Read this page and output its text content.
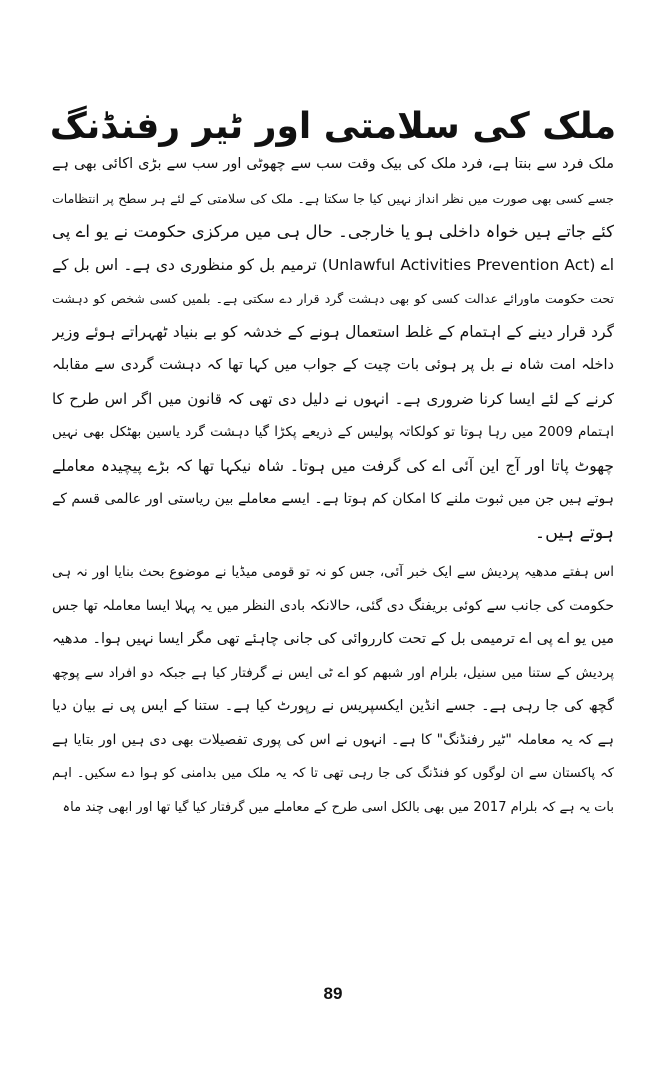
ملک کی سلامتی اور ٹیر رفنڈنگ
ملک فرد سے بنتا ہے، فرد ملک کی بیک وقت سب سے چھوٹی اور سب سے بڑی اکائی بھی ہے
جسے کسی بھی صورت میں نظر انداز نہیں کیا جا سکتا ہے۔ ملک کی سلامتی کے لئے ہر سطح پر انتظامات
کئے جاتے ہیں خواہ داخلی ہو یا خارجی۔ حال ہی میں مرکزی حکومت نے یو اے پی
اے (Unlawful Activities Prevention Act) ترمیم بل کو منظوری دی ہے۔ اس بل کے
تحت حکومت ماورائے عدالت کسی کو بھی دہشت گرد قرار دے سکتی ہے۔ بلمیں کسی شخص کو دہشت
گرد قرار دینے کے اہتمام کے غلط استعمال ہونے کے خدشہ کو بے بنیاد ٹھہراتے ہوئے وزیر
داخلہ امت شاہ نے بل پر ہوئی بات چیت کے جواب میں کہا تھا کہ دہشت گردی سے مقابلہ
کرنے کے لئے ایسا کرنا ضروری ہے۔ انہوں نے دلیل دی تھی کہ قانون میں اگر اس طرح کا
اہتمام 2009 میں رہا ہوتا تو کولکاتہ پولیس کے ذریعے پکڑا گیا دہشت گرد یاسین بھٹکل بھی نہیں
چھوٹ پاتا اور آج این آئی اے کی گرفت میں ہوتا۔ شاہ نیکہا تھا کہ بڑے پیچیدہ معاملے
ہوتے ہیں جن میں ثبوت ملنے کا امکان کم ہوتا ہے۔ ایسے معاملے بین ریاستی اور عالمی قسم کے
ہوتے ہیں۔
اس ہفتے مدھیہ پردیش سے ایک خبر آئی، جس کو نہ تو قومی میڈیا نے موضوع بحث بنایا اور نہ ہی
حکومت کی جانب سے کوئی بریفنگ دی گئی، حالانکہ بادی النظر میں یہ پہلا ایسا معاملہ تھا جس
میں یو اے پی اے ترمیمی بل کے تحت کارروائی کی جانی چاہئے تھی مگر ایسا نہیں ہوا۔ مدھیہ
پردیش کے ستنا میں سنیل، بلرام اور شبھم کو اے ٹی ایس نے گرفتار کیا ہے جبکہ دو افراد سے پوچھ
گچھ کی جا رہی ہے۔ جسے انڈین ایکسپریس نے رپورٹ کیا ہے۔ ستنا کے ایس پی نے بیان دیا
ہے کہ یہ معاملہ "ٹیر رفنڈنگ" کا ہے۔ انہوں نے اس کی پوری تفصیلات بھی دی ہیں اور بتایا ہے
کہ پاکستان سے ان لوگوں کو فنڈنگ کی جا رہی تھی تا کہ یہ ملک میں بدامنی کو ہوا دے سکیں۔ اہم
بات یہ ہے کہ بلرام 2017 میں بھی بالکل اسی طرح کے معاملے میں گرفتار کیا گیا تھا اور ابھی چند ماہ
89
